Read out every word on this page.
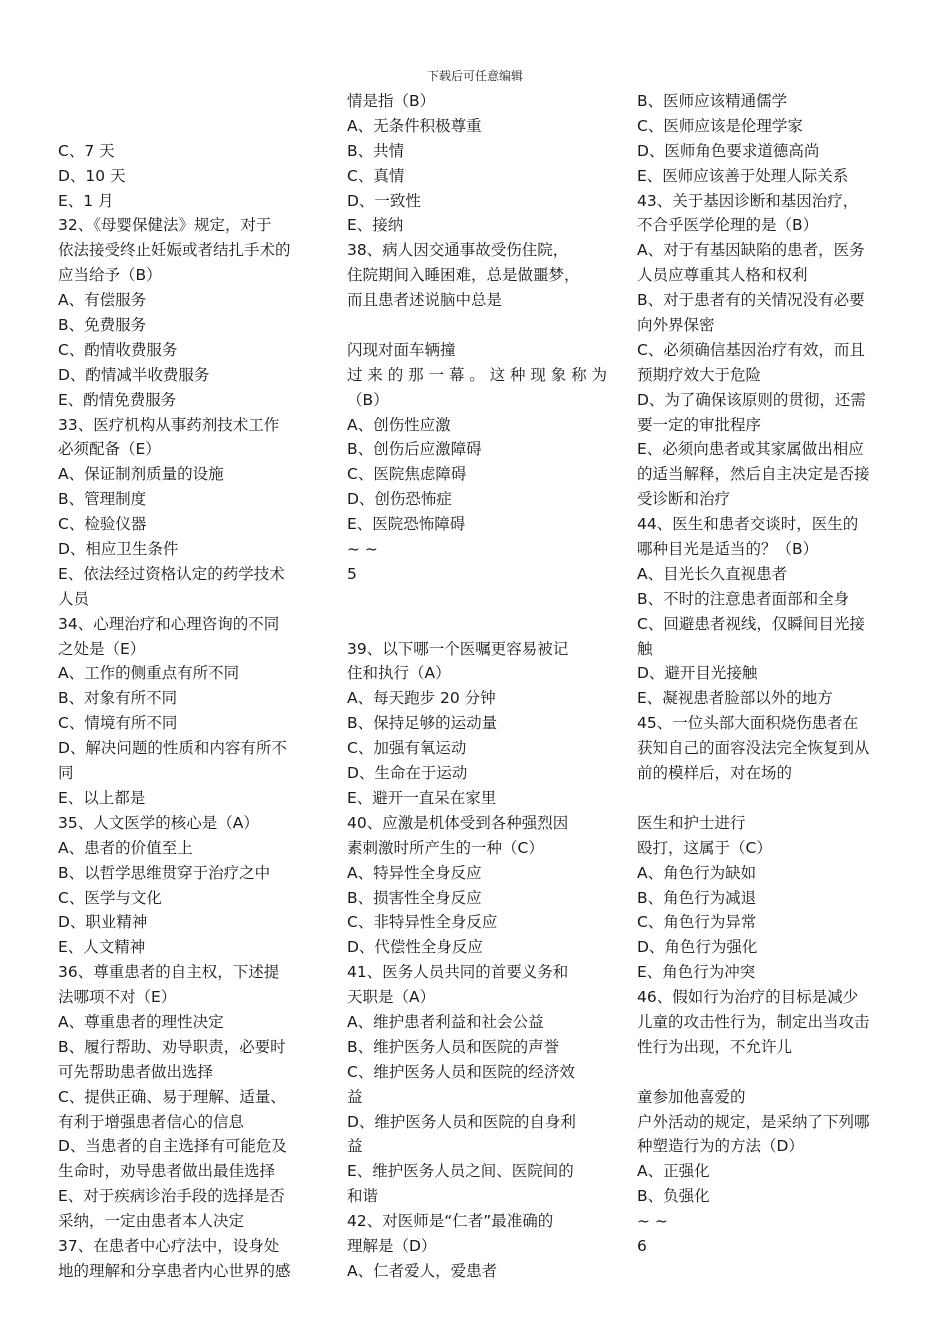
下载后可任意编辑
C、7 天
D、10 天
E、1 月
32、《母婴保健法》规定，对于
依法接受终止妊娠或者结扎手术的
应当给予（B）
A、有偿服务
B、免费服务
C、酌情收费服务
D、酌情减半收费服务
E、酌情免费服务
33、医疗机构从事药剂技术工作
必须配备（E）
A、保证制剂质量的设施
B、管理制度
C、检验仪器
D、相应卫生条件
E、依法经过资格认定的药学技术
人员
34、心理治疗和心理咨询的不同
之处是（E）
A、工作的侧重点有所不同
B、对象有所不同
C、情境有所不同
D、解决问题的性质和内容有所不
同
E、以上都是
35、人文医学的核心是（A）
A、患者的价值至上
B、以哲学思维贯穿于治疗之中
C、医学与文化
D、职业精神
E、人文精神
36、尊重患者的自主权，下述提
法哪项不对（E）
A、尊重患者的理性决定
B、履行帮助、劝导职责，必要时
可先帮助患者做出选择
C、提供正确、易于理解、适量、
有利于增强患者信心的信息
D、当患者的自主选择有可能危及
生命时，劝导患者做出最佳选择
E、对于疾病诊治手段的选择是否
采纳，一定由患者本人决定
37、在患者中心疗法中，设身处
地的理解和分享患者内心世界的感
情是指（B）
A、无条件积极尊重
B、共情
C、真情
D、一致性
E、接纳
38、病人因交通事故受伤住院，
住院期间入睡困难，总是做噩梦，
而且患者述说脑中总是
闪现对面车辆撞
过来的那一幕。这种现象称为
（B）
A、创伤性应激
B、创伤后应激障碍
C、医院焦虑障碍
D、创伤恐怖症
E、医院恐怖障碍
~ ~
5
39、以下哪一个医嘱更容易被记
住和执行（A）
A、每天跑步 20 分钟
B、保持足够的运动量
C、加强有氧运动
D、生命在于运动
E、避开一直呆在家里
40、应激是机体受到各种强烈因
素刺激时所产生的一种（C）
A、特异性全身反应
B、损害性全身反应
C、非特异性全身反应
D、代偿性全身反应
41、医务人员共同的首要义务和
天职是（A）
A、维护患者利益和社会公益
B、维护医务人员和医院的声誉
C、维护医务人员和医院的经济效
益
D、维护医务人员和医院的自身利
益
E、维护医务人员之间、医院间的
和谐
42、对医师是“仁者”最准确的
理解是（D）
A、仁者爱人，爱患者
B、医师应该精通儒学
C、医师应该是伦理学家
D、医师角色要求道德高尚
E、医师应该善于处理人际关系
43、关于基因诊断和基因治疗，
不合乎医学伦理的是（B）
A、对于有基因缺陷的患者，医务
人员应尊重其人格和权利
B、对于患者有的关情况没有必要
向外界保密
C、必须确信基因治疗有效，而且
预期疗效大于危险
D、为了确保该原则的贯彻，还需
要一定的审批程序
E、必须向患者或其家属做出相应
的适当解释，然后自主决定是否接
受诊断和治疗
44、医生和患者交谈时，医生的
哪种目光是适当的？（B）
A、目光长久直视患者
B、不时的注意患者面部和全身
C、回避患者视线，仅瞬间目光接
触
D、避开目光接触
E、凝视患者脸部以外的地方
45、一位头部大面积烧伤患者在
获知自己的面容没法完全恢复到从
前的模样后，对在场的
医生和护士进行
殴打，这属于（C）
A、角色行为缺如
B、角色行为减退
C、角色行为异常
D、角色行为强化
E、角色行为冲突
46、假如行为治疗的目标是减少
儿童的攻击性行为，制定出当攻击
性行为出现，不允许儿
童参加他喜爱的
户外活动的规定，是采纳了下列哪
种塑造行为的方法（D）
A、正强化
B、负强化
~ ~
6
